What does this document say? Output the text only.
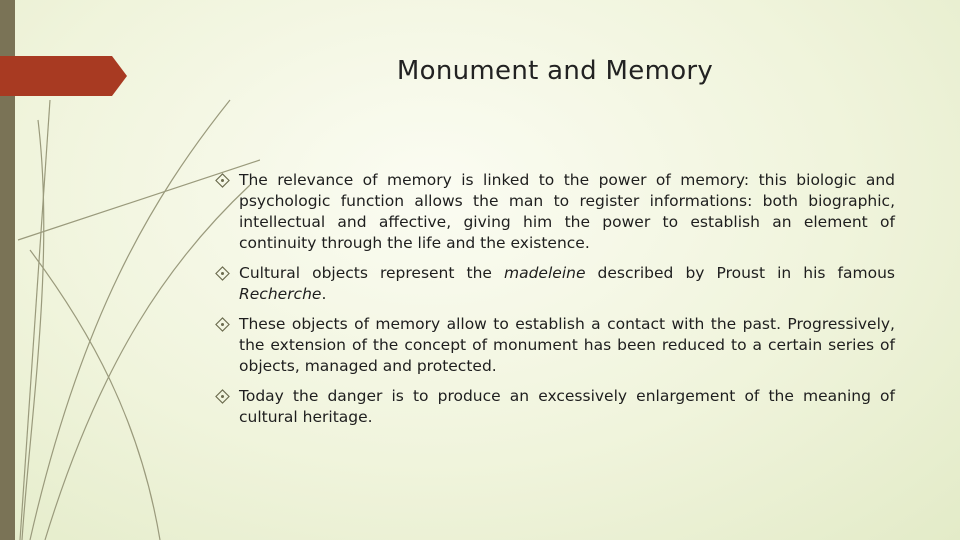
Monument and Memory
The relevance of memory is linked to the power of memory: this biologic and psychologic function allows the man to register informations: both biographic, intellectual and affective, giving him the power to establish an element of continuity through the life and the existence.
Cultural objects represent the madeleine described by Proust in his famous Recherche.
These objects of memory allow to establish a contact with the past. Progressively, the extension of the concept of monument has been reduced to a certain series of objects, managed and protected.
Today the danger is to produce an excessively enlargement of the meaning of cultural heritage.
